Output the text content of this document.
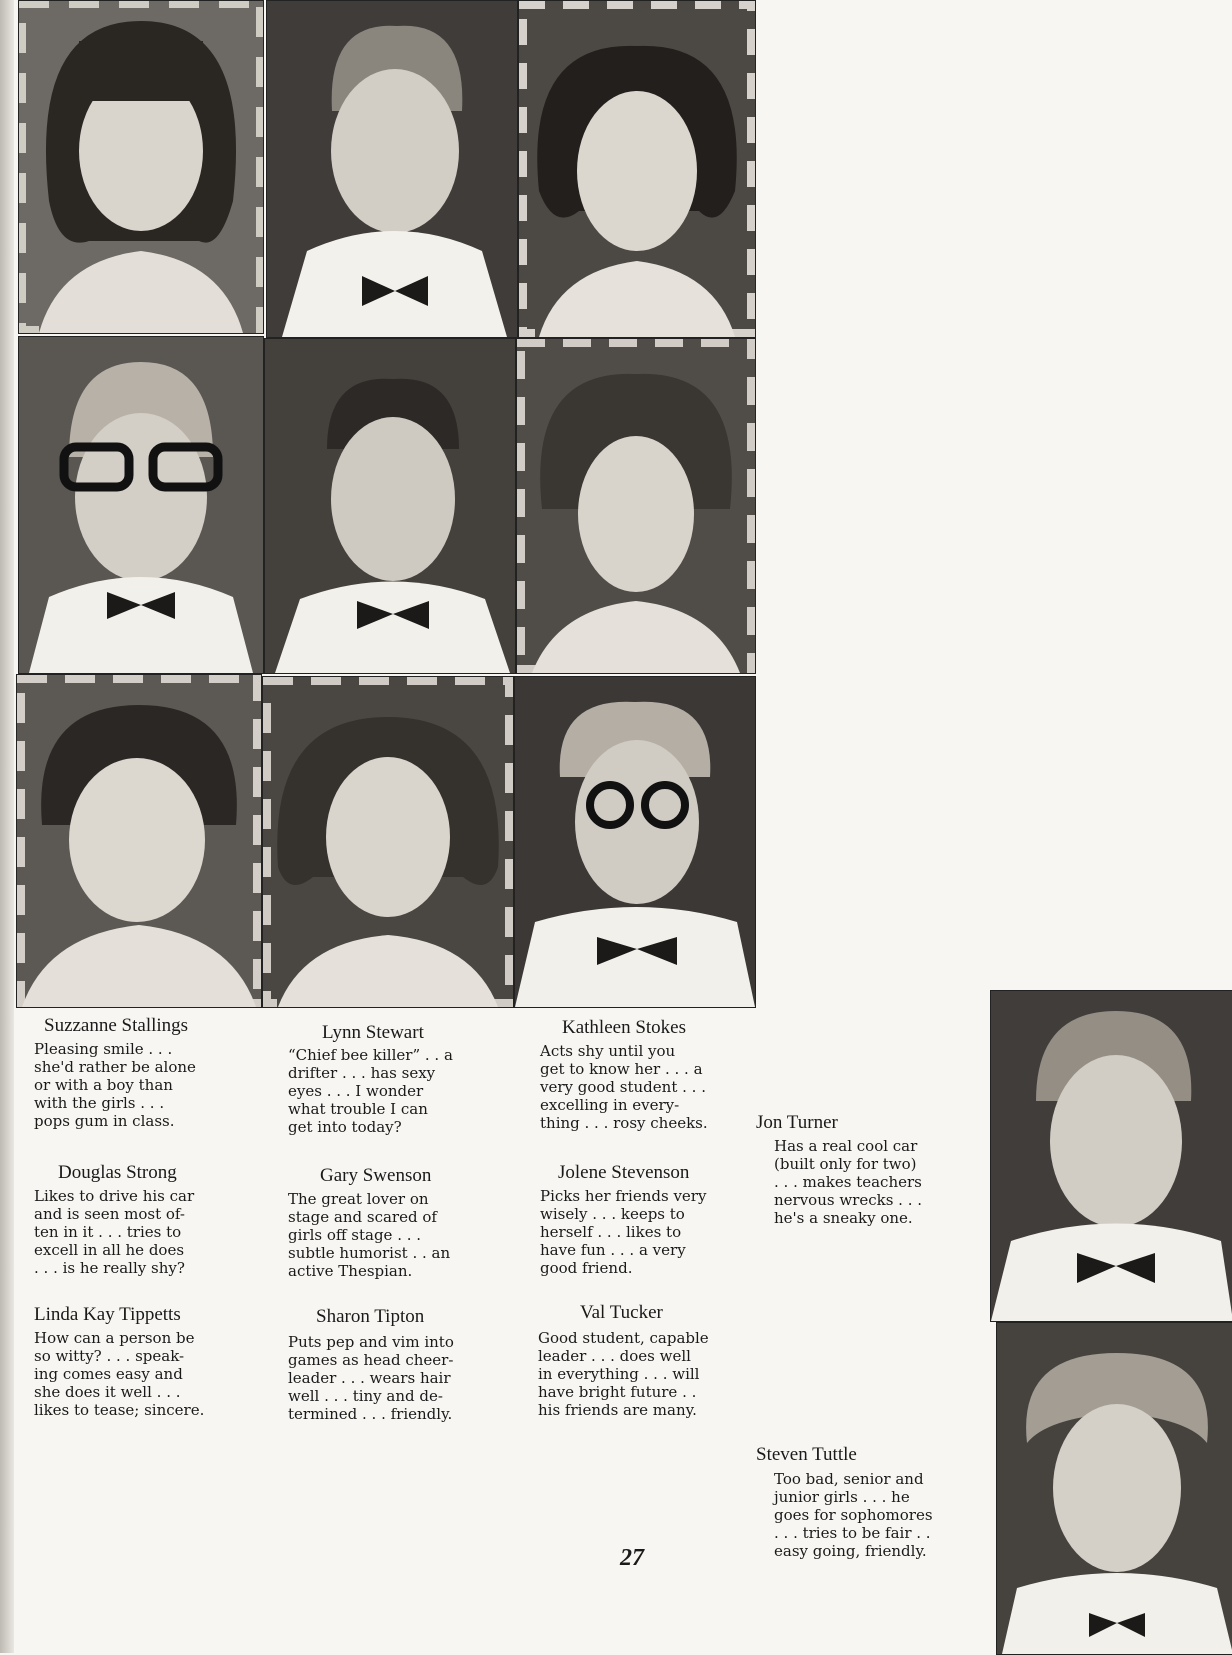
Suzzanne Stallings
Pleasing smile . . .
she'd rather be alone
or with a boy than
with the girls . . .
pops gum in class.
Lynn Stewart
“Chief bee killer” . . a
drifter . . . has sexy
eyes . . . I wonder
what trouble I can
get into today?
Kathleen Stokes
Acts shy until you
get to know her . . . a
very good student . . .
excelling in every-
thing . . . rosy cheeks.
Douglas Strong
Likes to drive his car
and is seen most of-
ten in it . . . tries to
excell in all he does
. . . is he really shy?
Gary Swenson
The great lover on
stage and scared of
girls off stage . . .
subtle humorist . . an
active Thespian.
Jolene Stevenson
Picks her friends very
wisely . . . keeps to
herself . . . likes to
have fun . . . a very
good friend.
Linda Kay Tippetts
How can a person be
so witty? . . . speak-
ing comes easy and
she does it well . . .
likes to tease; sincere.
Sharon Tipton
Puts pep and vim into
games as head cheer-
leader . . . wears hair
well . . . tiny and de-
termined . . . friendly.
Val Tucker
Good student, capable
leader . . . does well
in everything . . . will
have bright future . .
his friends are many.
Jon Turner
Has a real cool car
(built only for two)
. . . makes teachers
nervous wrecks . . .
he's a sneaky one.
Steven Tuttle
Too bad, senior and
junior girls . . . he
goes for sophomores
. . . tries to be fair . .
easy going, friendly.
27
